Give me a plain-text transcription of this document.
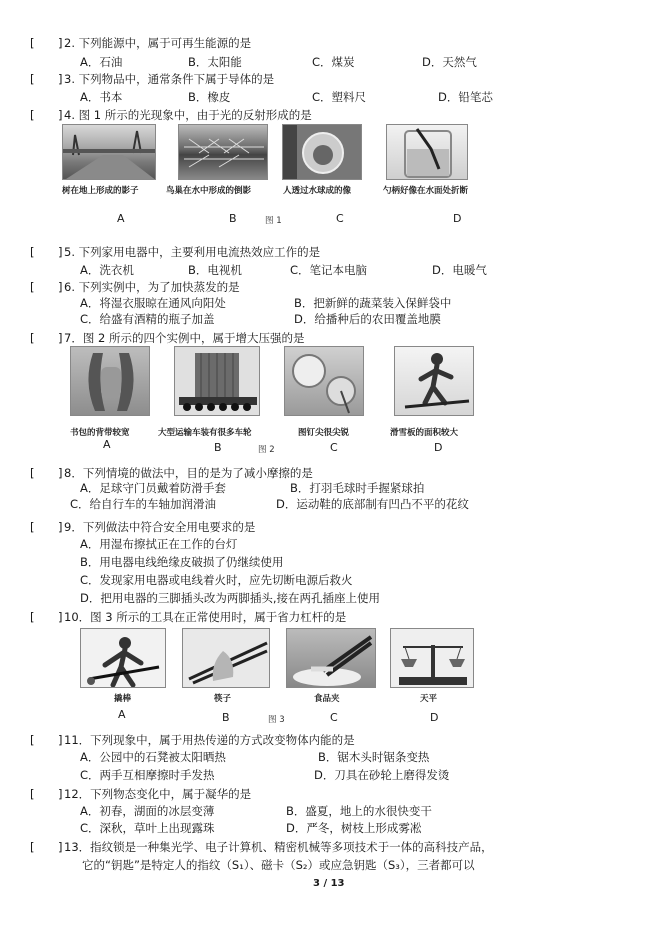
[ ] 2. 下列能源中，属于可再生能源的是
A．石油	B．太阳能	C．煤炭	D．天然气
[ ] 3. 下列物品中，通常条件下属于导体的是
A．书本	B．橡皮	C．塑料尺	D．铅笔芯
[ ] 4. 图 1 所示的光现象中，由于光的反射形成的是
树在地上形成的影子	鸟巢在水中形成的倒影	人透过水球成的像	勺柄好像在水面处折断
A	B	图 1	C	D
[ ] 5. 下列家用电器中，主要利用电流热效应工作的是
A．洗衣机	B．电视机	C．笔记本电脑	D．电暖气
[ ] 6. 下列实例中，为了加快蒸发的是
A．将湿衣服晾在通风向阳处	B．把新鲜的蔬菜装入保鲜袋中
C．给盛有酒精的瓶子加盖	D．给播种后的农田覆盖地膜
[ ] 7．图 2 所示的四个实例中，属于增大压强的是
书包的背带较宽	大型运输车装有很多车轮	图钉尖很尖锐	滑雪板的面积较大
A	B	图 2	C	D
[ ] 8．下列情境的做法中，目的是为了减小摩擦的是
A．足球守门员戴着防滑手套	B．打羽毛球时手握紧球拍
C．给自行车的车轴加润滑油	D．运动鞋的底部制有凹凸不平的花纹
[ ] 9．下列做法中符合安全用电要求的是
A．用湿布擦拭正在工作的台灯
B．用电器电线绝缘皮破损了仍继续使用
C．发现家用电器或电线着火时，应先切断电源后救火
D．把用电器的三脚插头改为两脚插头,接在两孔插座上使用
[ ] 10．图 3 所示的工具在正常使用时，属于省力杠杆的是
撬棒	筷子	食品夹	天平
A	B	图 3	C	D
[ ] 11．下列现象中，属于用热传递的方式改变物体内能的是
A．公园中的石凳被太阳晒热	B．锯木头时锯条变热
C．两手互相摩擦时手发热	D．刀具在砂轮上磨得发烫
[ ] 12．下列物态变化中，属于凝华的是
A．初春，湖面的冰层变薄	B．盛夏，地上的水很快变干
C．深秋，草叶上出现露珠	D．严冬，树枝上形成雾凇
[ ] 13．指纹锁是一种集光学、电子计算机、精密机械等多项技术于一体的高科技产品，
它的“钥匙”是特定人的指纹（S₁）、磁卡（S₂）或应急钥匙（S₃），三者都可以
3 / 13
